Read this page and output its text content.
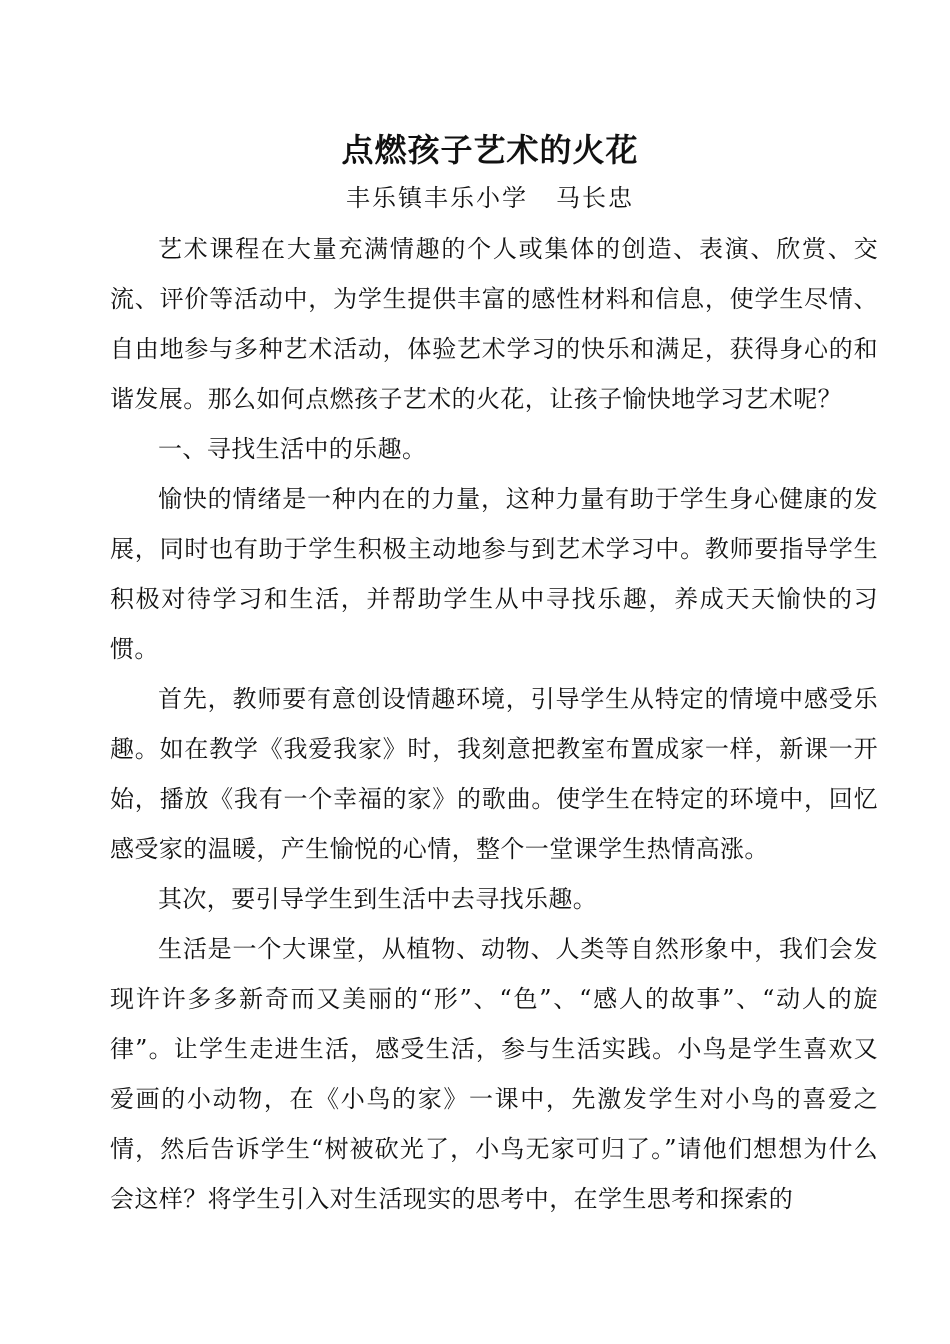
点燃孩子艺术的火花
丰乐镇丰乐小学 马长忠

艺术课程在大量充满情趣的个人或集体的创造、表演、欣赏、交流、评价等活动中，为学生提供丰富的感性材料和信息，使学生尽情、自由地参与多种艺术活动，体验艺术学习的快乐和满足，获得身心的和谐发展。那么如何点燃孩子艺术的火花，让孩子愉快地学习艺术呢？

一、寻找生活中的乐趣。

愉快的情绪是一种内在的力量，这种力量有助于学生身心健康的发展，同时也有助于学生积极主动地参与到艺术学习中。教师要指导学生积极对待学习和生活，并帮助学生从中寻找乐趣，养成天天愉快的习惯。

首先，教师要有意创设情趣环境，引导学生从特定的情境中感受乐趣。如在教学《我爱我家》时，我刻意把教室布置成家一样，新课一开始，播放《我有一个幸福的家》的歌曲。使学生在特定的环境中，回忆感受家的温暖，产生愉悦的心情，整个一堂课学生热情高涨。

其次，要引导学生到生活中去寻找乐趣。

生活是一个大课堂，从植物、动物、人类等自然形象中，我们会发现许许多多新奇而又美丽的“形”、“色”、“感人的故事”、“动人的旋律”。让学生走进生活，感受生活，参与生活实践。小鸟是学生喜欢又爱画的小动物，在《小鸟的家》一课中，先激发学生对小鸟的喜爱之情，然后告诉学生“树被砍光了，小鸟无家可归了。”请他们想想为什么会这样？将学生引入对生活现实的思考中，在学生思考和探索的
